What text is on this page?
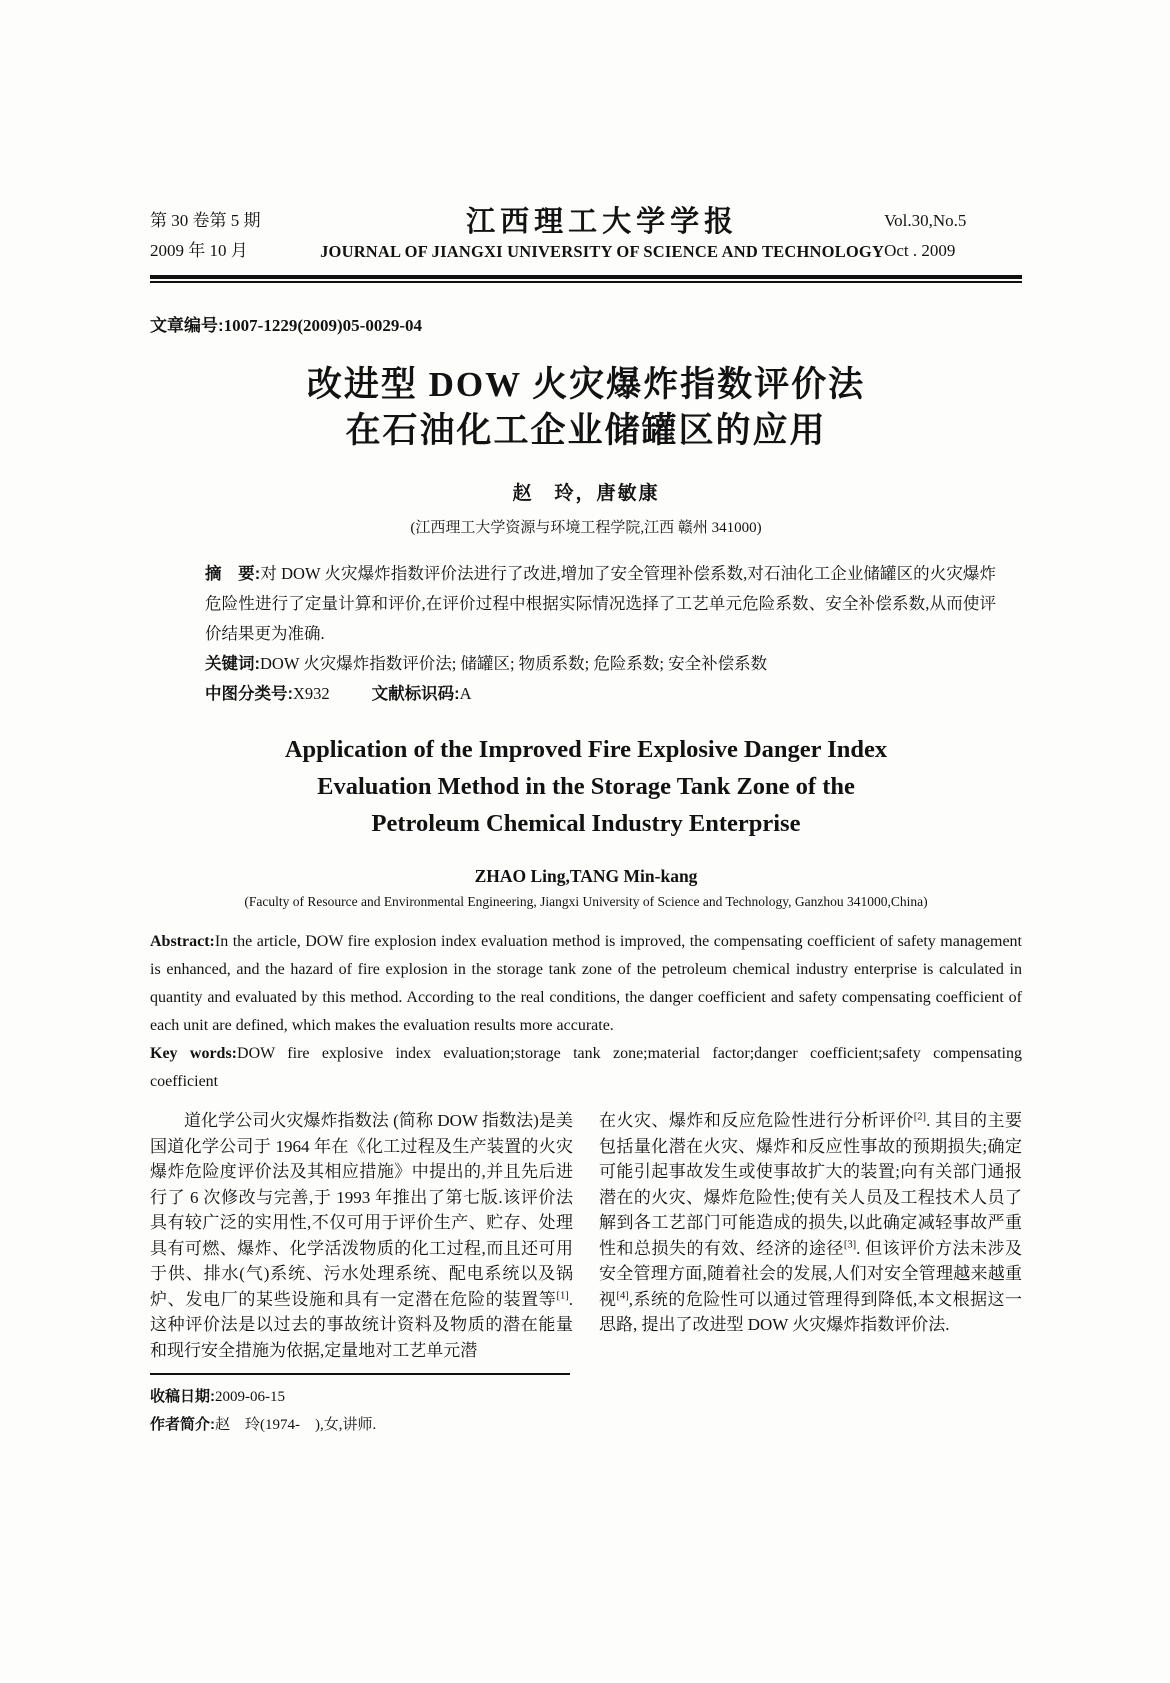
第 30 卷第 5 期
2009 年 10 月
江西理工大学学报
JOURNAL OF JIANGXI UNIVERSITY OF SCIENCE AND TECHNOLOGY
Vol.30,No.5
Oct . 2009
文章编号:1007-1229(2009)05-0029-04
改进型 DOW 火灾爆炸指数评价法
在石油化工企业储罐区的应用
赵　玲，唐敏康
(江西理工大学资源与环境工程学院,江西 赣州 341000)

摘　要:对 DOW 火灾爆炸指数评价法进行了改进,增加了安全管理补偿系数,对石油化工企业储罐区的火灾爆炸危险性进行了定量计算和评价,在评价过程中根据实际情况选择了工艺单元危险系数、安全补偿系数,从而使评价结果更为准确.

关键词:DOW 火灾爆炸指数评价法; 储罐区; 物质系数; 危险系数; 安全补偿系数

中图分类号:X932	文献标识码:A

Application of the Improved Fire Explosive Danger Index
Evaluation Method in the Storage Tank Zone of the
Petroleum Chemical Industry Enterprise
ZHAO Ling,TANG Min-kang
(Faculty of Resource and Environmental Engineering, Jiangxi University of Science and Technology, Ganzhou 341000,China)

Abstract:In the article, DOW fire explosion index evaluation method is improved, the compensating coefficient of safety management is enhanced, and the hazard of fire explosion in the storage tank zone of the petroleum chemical industry enterprise is calculated in quantity and evaluated by this method. According to the real conditions, the danger coefficient and safety compensating coefficient of each unit are defined, which makes the evaluation results more accurate.

Key words:DOW fire explosive index evaluation;storage tank zone;material factor;danger coefficient;safety compensating coefficient

道化学公司火灾爆炸指数法 (简称 DOW 指数法)是美国道化学公司于 1964 年在《化工过程及生产装置的火灾爆炸危险度评价法及其相应措施》中提出的,并且先后进行了 6 次修改与完善,于 1993 年推出了第七版.该评价法具有较广泛的实用性,不仅可用于评价生产、贮存、处理具有可燃、爆炸、化学活泼物质的化工过程,而且还可用于供、排水(气)系统、污水处理系统、配电系统以及锅炉、发电厂的某些设施和具有一定潜在危险的装置等[1]. 这种评价法是以过去的事故统计资料及物质的潜在能量和现行安全措施为依据,定量地对工艺单元潜
在火灾、爆炸和反应危险性进行分析评价[2]. 其目的主要包括量化潜在火灾、爆炸和反应性事故的预期损失;确定可能引起事故发生或使事故扩大的装置;向有关部门通报潜在的火灾、爆炸危险性;使有关人员及工程技术人员了解到各工艺部门可能造成的损失,以此确定减轻事故严重性和总损失的有效、经济的途径[3]. 但该评价方法未涉及安全管理方面,随着社会的发展,人们对安全管理越来越重视[4],系统的危险性可以通过管理得到降低,本文根据这一思路, 提出了改进型 DOW 火灾爆炸指数评价法.
收稿日期:2009-06-15
作者简介:赵　玲(1974-　),女,讲师.
